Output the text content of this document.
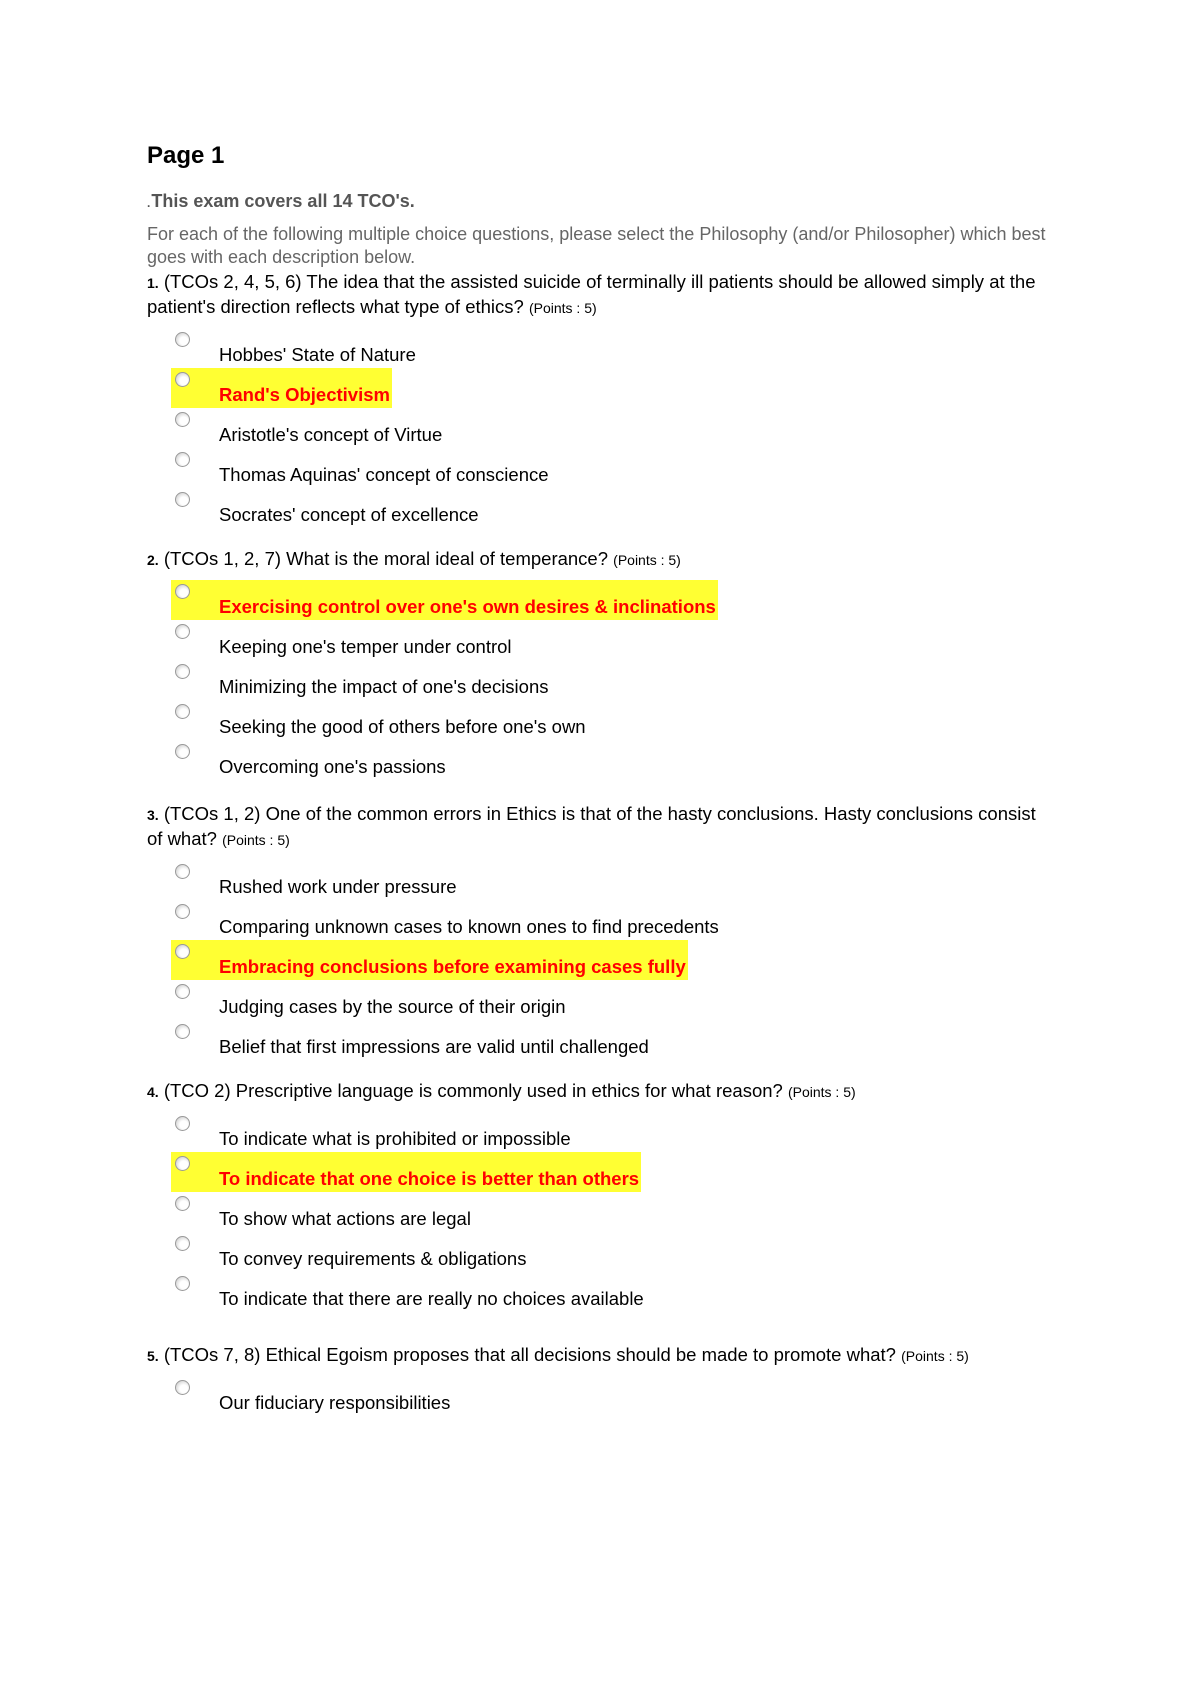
Page 1
.This exam covers all 14 TCO's.
For each of the following multiple choice questions, please select the Philosophy (and/or Philosopher) which best goes with each description below.
1. (TCOs 2, 4, 5, 6) The idea that the assisted suicide of terminally ill patients should be allowed simply at the patient's direction reflects what type of ethics? (Points : 5)
Hobbes' State of Nature
Rand's Objectivism
Aristotle's concept of Virtue
Thomas Aquinas' concept of conscience
Socrates' concept of excellence
2. (TCOs 1, 2, 7) What is the moral ideal of temperance? (Points : 5)
Exercising control over one's own desires & inclinations
Keeping one's temper under control
Minimizing the impact of one's decisions
Seeking the good of others before one's own
Overcoming one's passions
3. (TCOs 1, 2) One of the common errors in Ethics is that of the hasty conclusions. Hasty conclusions consist of what? (Points : 5)
Rushed work under pressure
Comparing unknown cases to known ones to find precedents
Embracing conclusions before examining cases fully
Judging cases by the source of their origin
Belief that first impressions are valid until challenged
4. (TCO 2) Prescriptive language is commonly used in ethics for what reason? (Points : 5)
To indicate what is prohibited or impossible
To indicate that one choice is better than others
To show what actions are legal
To convey requirements & obligations
To indicate that there are really no choices available
5. (TCOs 7, 8) Ethical Egoism proposes that all decisions should be made to promote what? (Points : 5)
Our fiduciary responsibilities
